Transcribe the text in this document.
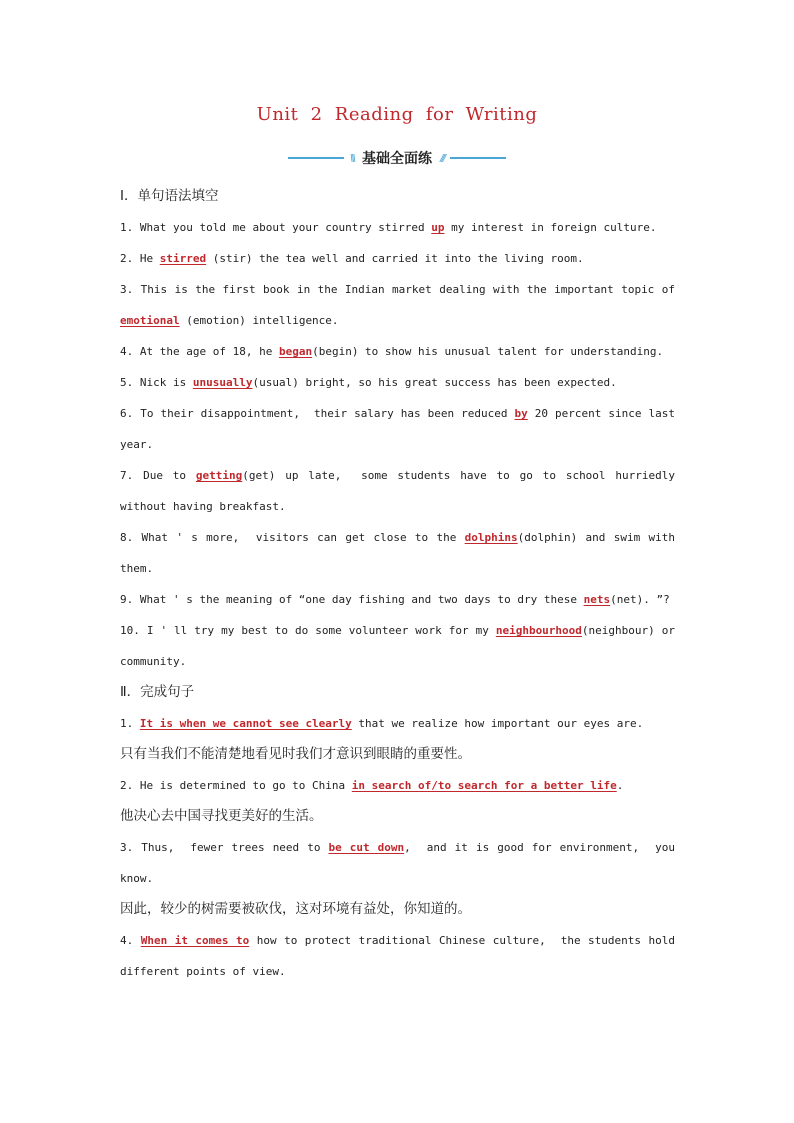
Unit 2 Reading for Writing
\\\ 基础全面练 ///
Ⅰ．单句语法填空
1. What you told me about your country stirred up my interest in foreign culture.
2. He stirred (stir) the tea well and carried it into the living room.
3. This is the first book in the Indian market dealing with the important topic of emotional (emotion) intelligence.
4. At the age of 18, he began(begin) to show his unusual talent for understanding.
5. Nick is unusually(usual) bright, so his great success has been expected.
6. To their disappointment,  their salary has been reduced by 20 percent since last year.
7. Due to getting(get) up late,  some students have to go to school hurriedly without having breakfast.
8. What ' s more,  visitors can get close to the dolphins(dolphin) and swim with them.
9. What ' s the meaning of “one day fishing and two days to dry these nets(net). ”?
10. I ' ll try my best to do some volunteer work for my neighbourhood(neighbour) or community.
Ⅱ．完成句子
1. It is when we cannot see clearly that we realize how important our eyes are.
只有当我们不能清楚地看见时我们才意识到眼睛的重要性。
2. He is determined to go to China in search of/to search for a better life.
他决心去中国寻找更美好的生活。
3. Thus,  fewer trees need to be cut down,  and it is good for environment,  you know.
因此，较少的树需要被砍伐，这对环境有益处，你知道的。
4. When it comes to how to protect traditional Chinese culture,  the students hold different points of view.
